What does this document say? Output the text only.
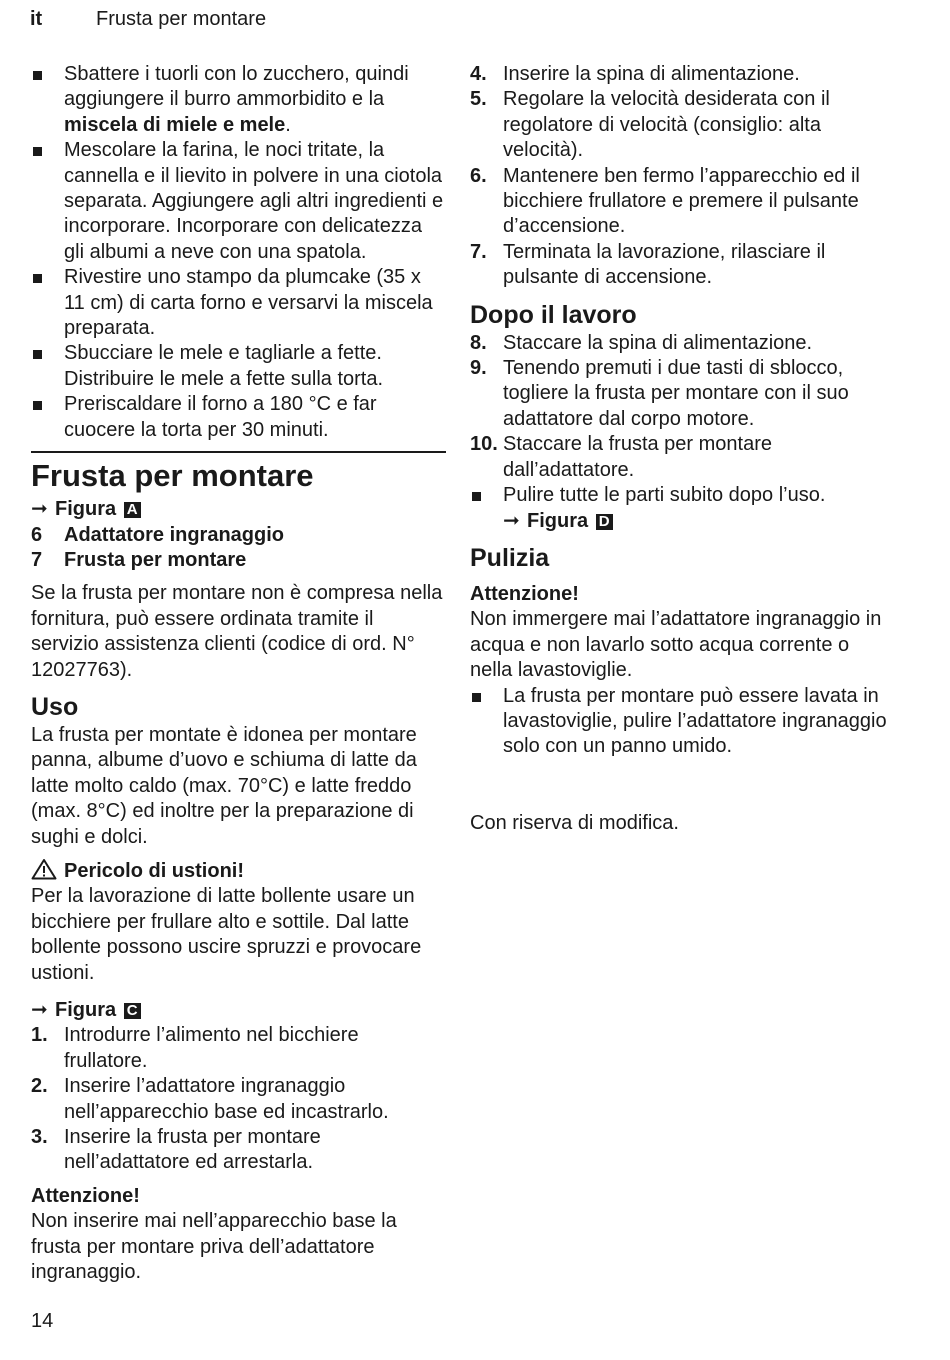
it	Frusta per montare
Sbattere i tuorli con lo zucchero, quindi aggiungere il burro ammorbidito e la miscela di miele e mele.
Mescolare la farina, le noci tritate, la cannella e il lievito in polvere in una ciotola separata. Aggiungere agli altri ingredienti e incorporare. Incorporare con delicatezza gli albumi a neve con una spatola.
Rivestire uno stampo da plumcake (35 x 11 cm) di carta forno e versarvi la miscela preparata.
Sbucciare le mele e tagliarle a fette. Distribuire le mele a fette sulla torta.
Preriscaldare il forno a 180 °C e far cuocere la torta per 30 minuti.
Frusta per montare
➞ Figura A
6 Adattatore ingranaggio
7 Frusta per montare

Se la frusta per montare non è compresa nella fornitura, può essere ordinata tramite il servizio assistenza clienti (codice di ord. N° 12027763).

Uso

La frusta per montate è idonea per montare panna, albume d’uovo e schiuma di latte da latte molto caldo (max. 70°C) e latte freddo (max. 8°C) ed inoltre per la preparazione di sughi e dolci.

Pericolo di ustioni!

Per la lavorazione di latte bollente usare un bicchiere per frullare alto e sottile. Dal latte bollente possono uscire spruzzi e provocare ustioni.

➞ Figura C
1. Introdurre l’alimento nel bicchiere frullatore.
2. Inserire l’adattatore ingranaggio nell’apparecchio base ed incastrarlo.
3. Inserire la frusta per montare nell’adattatore ed arrestarla.
Attenzione!

Non inserire mai nell’apparecchio base la frusta per montare priva dell’adattatore ingranaggio.

4. Inserire la spina di alimentazione.
5. Regolare la velocità desiderata con il regolatore di velocità (consiglio: alta velocità).
6. Mantenere ben fermo l’apparecchio ed il bicchiere frullatore e premere il pulsante d’accensione.
7. Terminata la lavorazione, rilasciare il pulsante di accensione.
Dopo il lavoro
8. Staccare la spina di alimentazione.
9. Tenendo premuti i due tasti di sblocco, togliere la frusta per montare con il suo adattatore dal corpo motore.
10. Staccare la frusta per montare dall’adattatore.
Pulire tutte le parti subito dopo l’uso.
➞ Figura D
Pulizia
Attenzione!

Non immergere mai l’adattatore ingranaggio in acqua e non lavarlo sotto acqua corrente o nella lavastoviglie.

La frusta per montare può essere lavata in lavastoviglie, pulire l’adattatore ingranaggio solo con un panno umido.

Con riserva di modifica.

14
